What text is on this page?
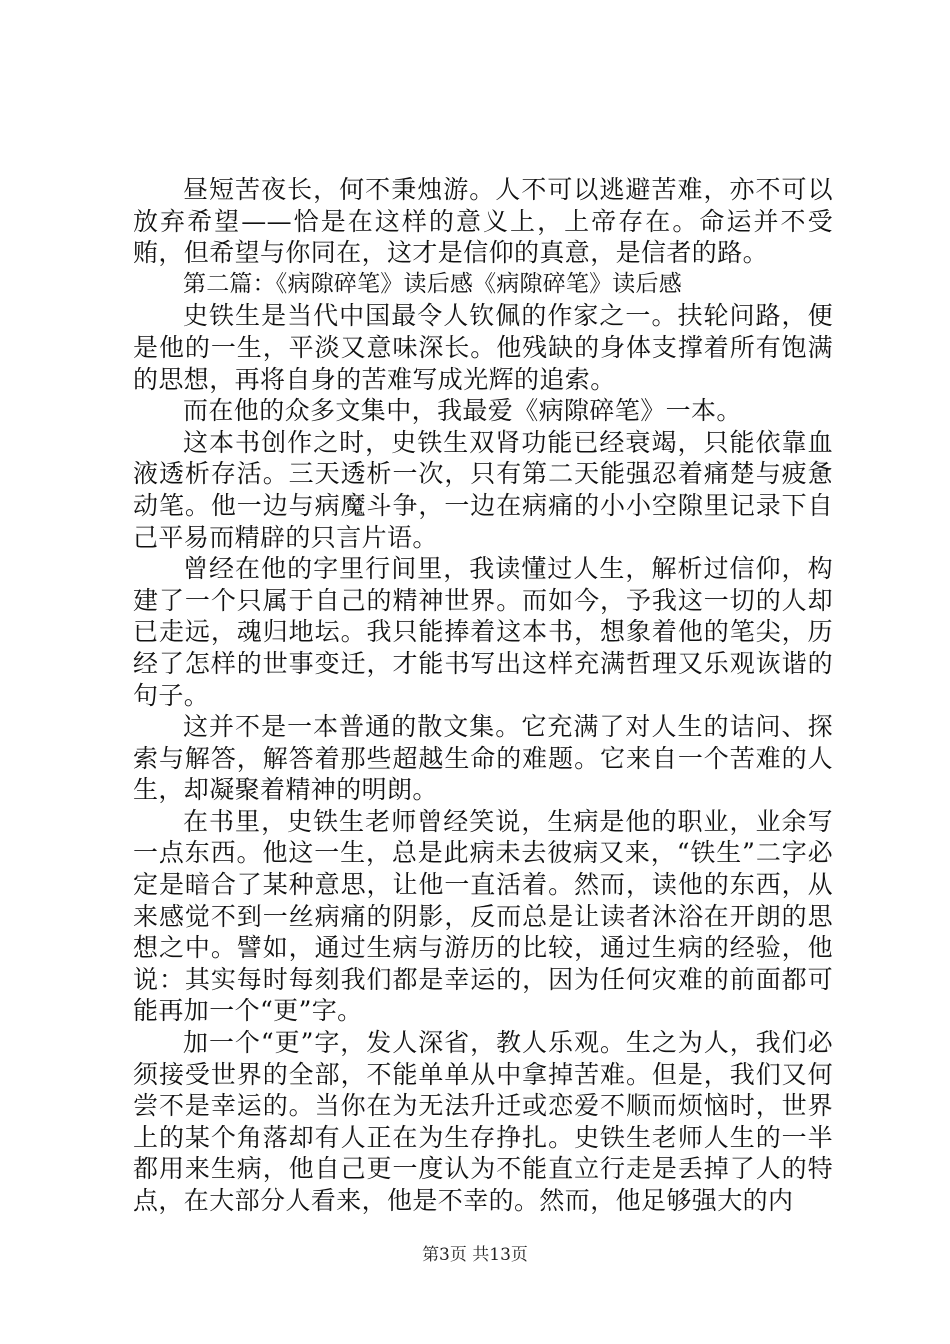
昼短苦夜长，何不秉烛游。人不可以逃避苦难，亦不可以放弃希望——恰是在这样的意义上，上帝存在。命运并不受贿，但希望与你同在，这才是信仰的真意，是信者的路。

第二篇：《病隙碎笔》读后感《病隙碎笔》读后感

史铁生是当代中国最令人钦佩的作家之一。扶轮问路，便是他的一生，平淡又意味深长。他残缺的身体支撑着所有饱满的思想，再将自身的苦难写成光辉的追索。

而在他的众多文集中，我最爱《病隙碎笔》一本。

这本书创作之时，史铁生双肾功能已经衰竭，只能依靠血液透析存活。三天透析一次，只有第二天能强忍着痛楚与疲惫动笔。他一边与病魔斗争，一边在病痛的小小空隙里记录下自己平易而精辟的只言片语。

曾经在他的字里行间里，我读懂过人生，解析过信仰，构建了一个只属于自己的精神世界。而如今，予我这一切的人却已走远，魂归地坛。我只能捧着这本书，想象着他的笔尖，历经了怎样的世事变迁，才能书写出这样充满哲理又乐观诙谐的句子。

这并不是一本普通的散文集。它充满了对人生的诘问、探索与解答，解答着那些超越生命的难题。它来自一个苦难的人生，却凝聚着精神的明朗。

在书里，史铁生老师曾经笑说，生病是他的职业，业余写一点东西。他这一生，总是此病未去彼病又来，“铁生”二字必定是暗合了某种意思，让他一直活着。然而，读他的东西，从来感觉不到一丝病痛的阴影，反而总是让读者沐浴在开朗的思想之中。譬如，通过生病与游历的比较，通过生病的经验，他说：其实每时每刻我们都是幸运的，因为任何灾难的前面都可能再加一个“更”字。

加一个“更”字，发人深省，教人乐观。生之为人，我们必须接受世界的全部，不能单单从中拿掉苦难。但是，我们又何尝不是幸运的。当你在为无法升迁或恋爱不顺而烦恼时，世界上的某个角落却有人正在为生存挣扎。史铁生老师人生的一半都用来生病，他自己更一度认为不能直立行走是丢掉了人的特点，在大部分人看来，他是不幸的。然而，他足够强大的内

第3页 共13页
